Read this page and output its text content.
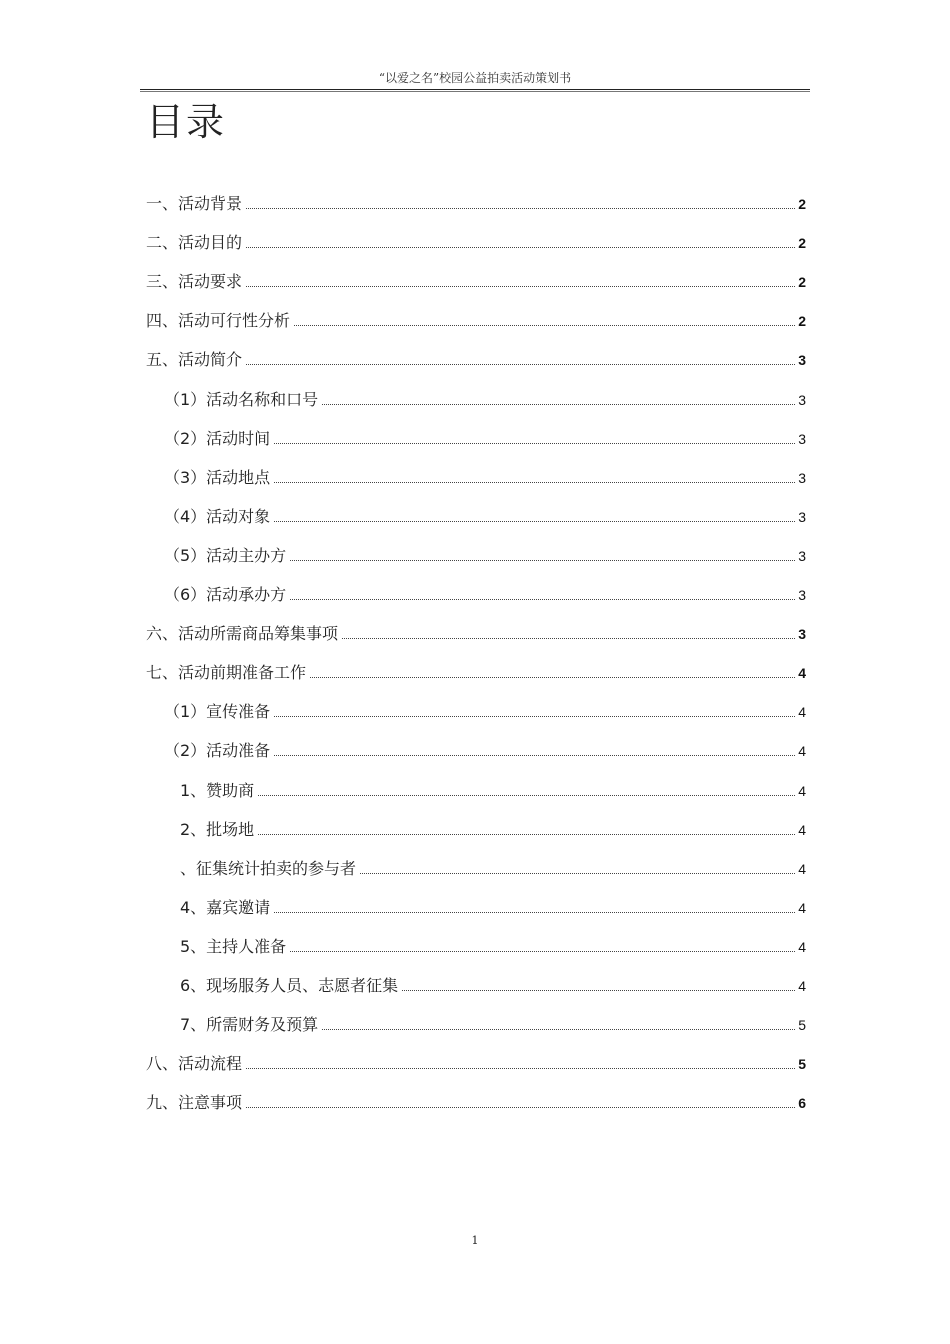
“以爱之名”校园公益拍卖活动策划书
目录
一、活动背景	2
二、活动目的	2
三、活动要求	2
四、活动可行性分析	2
五、活动简介	3
（1）活动名称和口号	3
（2）活动时间	3
（3）活动地点	3
（4）活动对象	3
（5）活动主办方	3
（6）活动承办方	3
六、活动所需商品筹集事项	3
七、活动前期准备工作	4
（1）宣传准备	4
（2）活动准备	4
1、赞助商	4
2、批场地	4
、征集统计拍卖的参与者	4
4、嘉宾邀请	4
5、主持人准备	4
6、现场服务人员、志愿者征集	4
7、所需财务及预算	5
八、活动流程	5
九、注意事项	6
1
